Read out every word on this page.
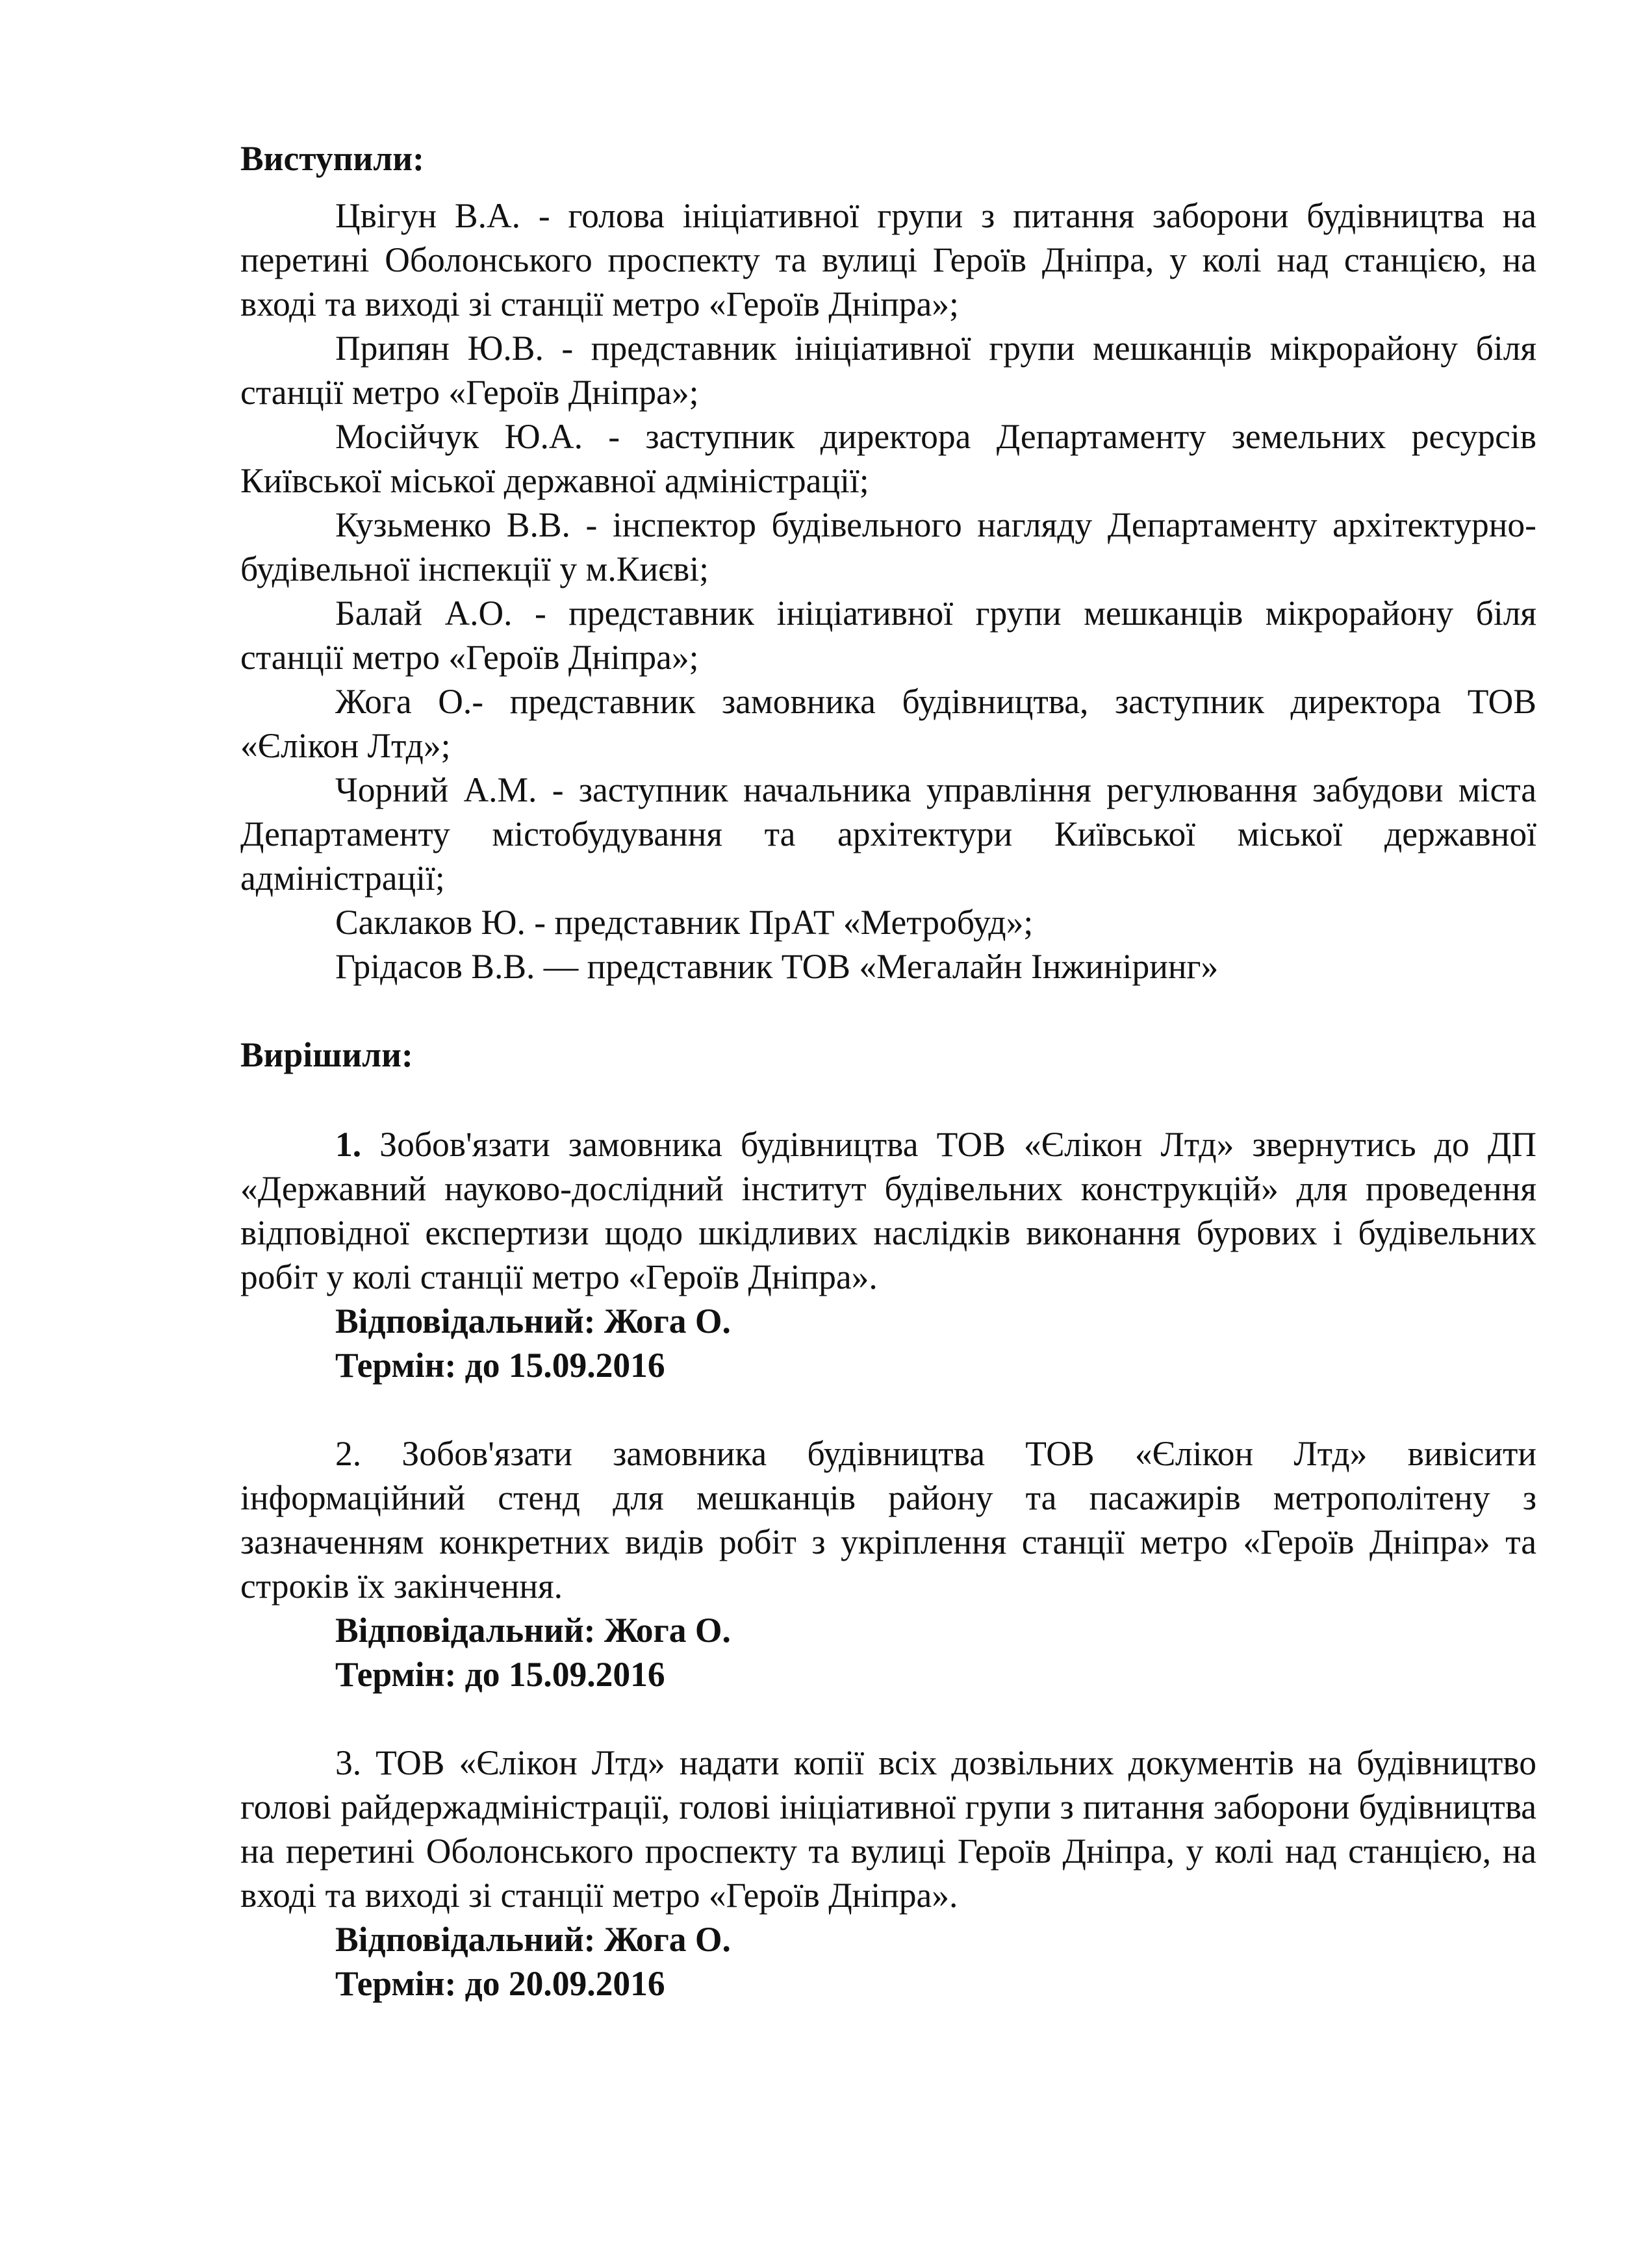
Виступили:

Цвігун В.А. - голова ініціативної групи з питання заборони будівництва на перетині Оболонського проспекту та вулиці Героїв Дніпра, у колі над станцією, на вході та виході зі станції метро «Героїв Дніпра»;

Припян Ю.В. - представник ініціативної групи мешканців мікрорайону біля станції метро «Героїв Дніпра»;

Мосійчук Ю.А. - заступник директора Департаменту земельних ресурсів Київської міської державної адміністрації;

Кузьменко В.В. - інспектор будівельного нагляду Департаменту архітектурно-будівельної інспекції у м.Києві;

Балай А.О. - представник ініціативної групи мешканців мікрорайону біля станції метро «Героїв Дніпра»;

Жога О.- представник замовника будівництва, заступник директора ТОВ «Єлікон Лтд»;

Чорний А.М. - заступник начальника управління регулювання забудови міста Департаменту містобудування та архітектури Київської міської державної адміністрації;

Саклаков Ю. - представник ПрАТ «Метробуд»;

Грідасов В.В. — представник ТОВ «Мегалайн Інжиніринг»

Вирішили:

1. Зобов'язати замовника будівництва ТОВ «Єлікон Лтд» звернутись до ДП «Державний науково-дослідний інститут будівельних конструкцій» для проведення відповідної експертизи щодо шкідливих наслідків виконання бурових і будівельних робіт у колі станції метро «Героїв Дніпра».

Відповідальний: Жога О.

Термін: до 15.09.2016

2. Зобов'язати замовника будівництва ТОВ «Єлікон Лтд» вивісити інформаційний стенд для мешканців району та пасажирів метрополітену з зазначенням конкретних видів робіт з укріплення станції метро «Героїв Дніпра» та строків їх закінчення.

Відповідальний: Жога О.

Термін: до 15.09.2016

3. ТОВ «Єлікон Лтд» надати копії всіх дозвільних документів на будівництво голові райдержадміністрації, голові ініціативної групи з питання заборони будівництва на перетині Оболонського проспекту та вулиці Героїв Дніпра, у колі над станцією, на вході та виході зі станції метро «Героїв Дніпра».

Відповідальний: Жога О.

Термін: до 20.09.2016
